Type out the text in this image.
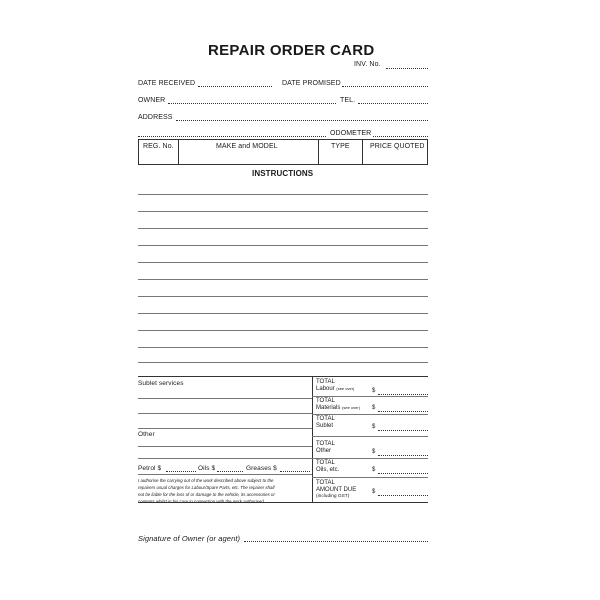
REPAIR ORDER CARD
INV. No.
DATE RECEIVED	DATE PROMISED
OWNER	TEL.
ADDRESS
ODOMETER
REG. No.	MAKE and MODEL	TYPE	PRICE QUOTED
INSTRUCTIONS
Sublet services
Other
Petrol $	Oils $	Greases $
I authorise the carrying out of the work described above subject to the
repairers usual charges for Labour/Spare Parts, etc. The repairer shall
not be liable for the loss of or damage to the vehicle, its accessories or
contents whilst in his care in connection with the work authorised.
TOTAL
Labour (see over)	$
TOTAL
Materials (see over) $
TOTAL
Sublet	$
TOTAL
Other	$
TOTAL
Oils, etc.	$
TOTAL
AMOUNT DUE
(including GST)
$
Signature of Owner (or agent)
